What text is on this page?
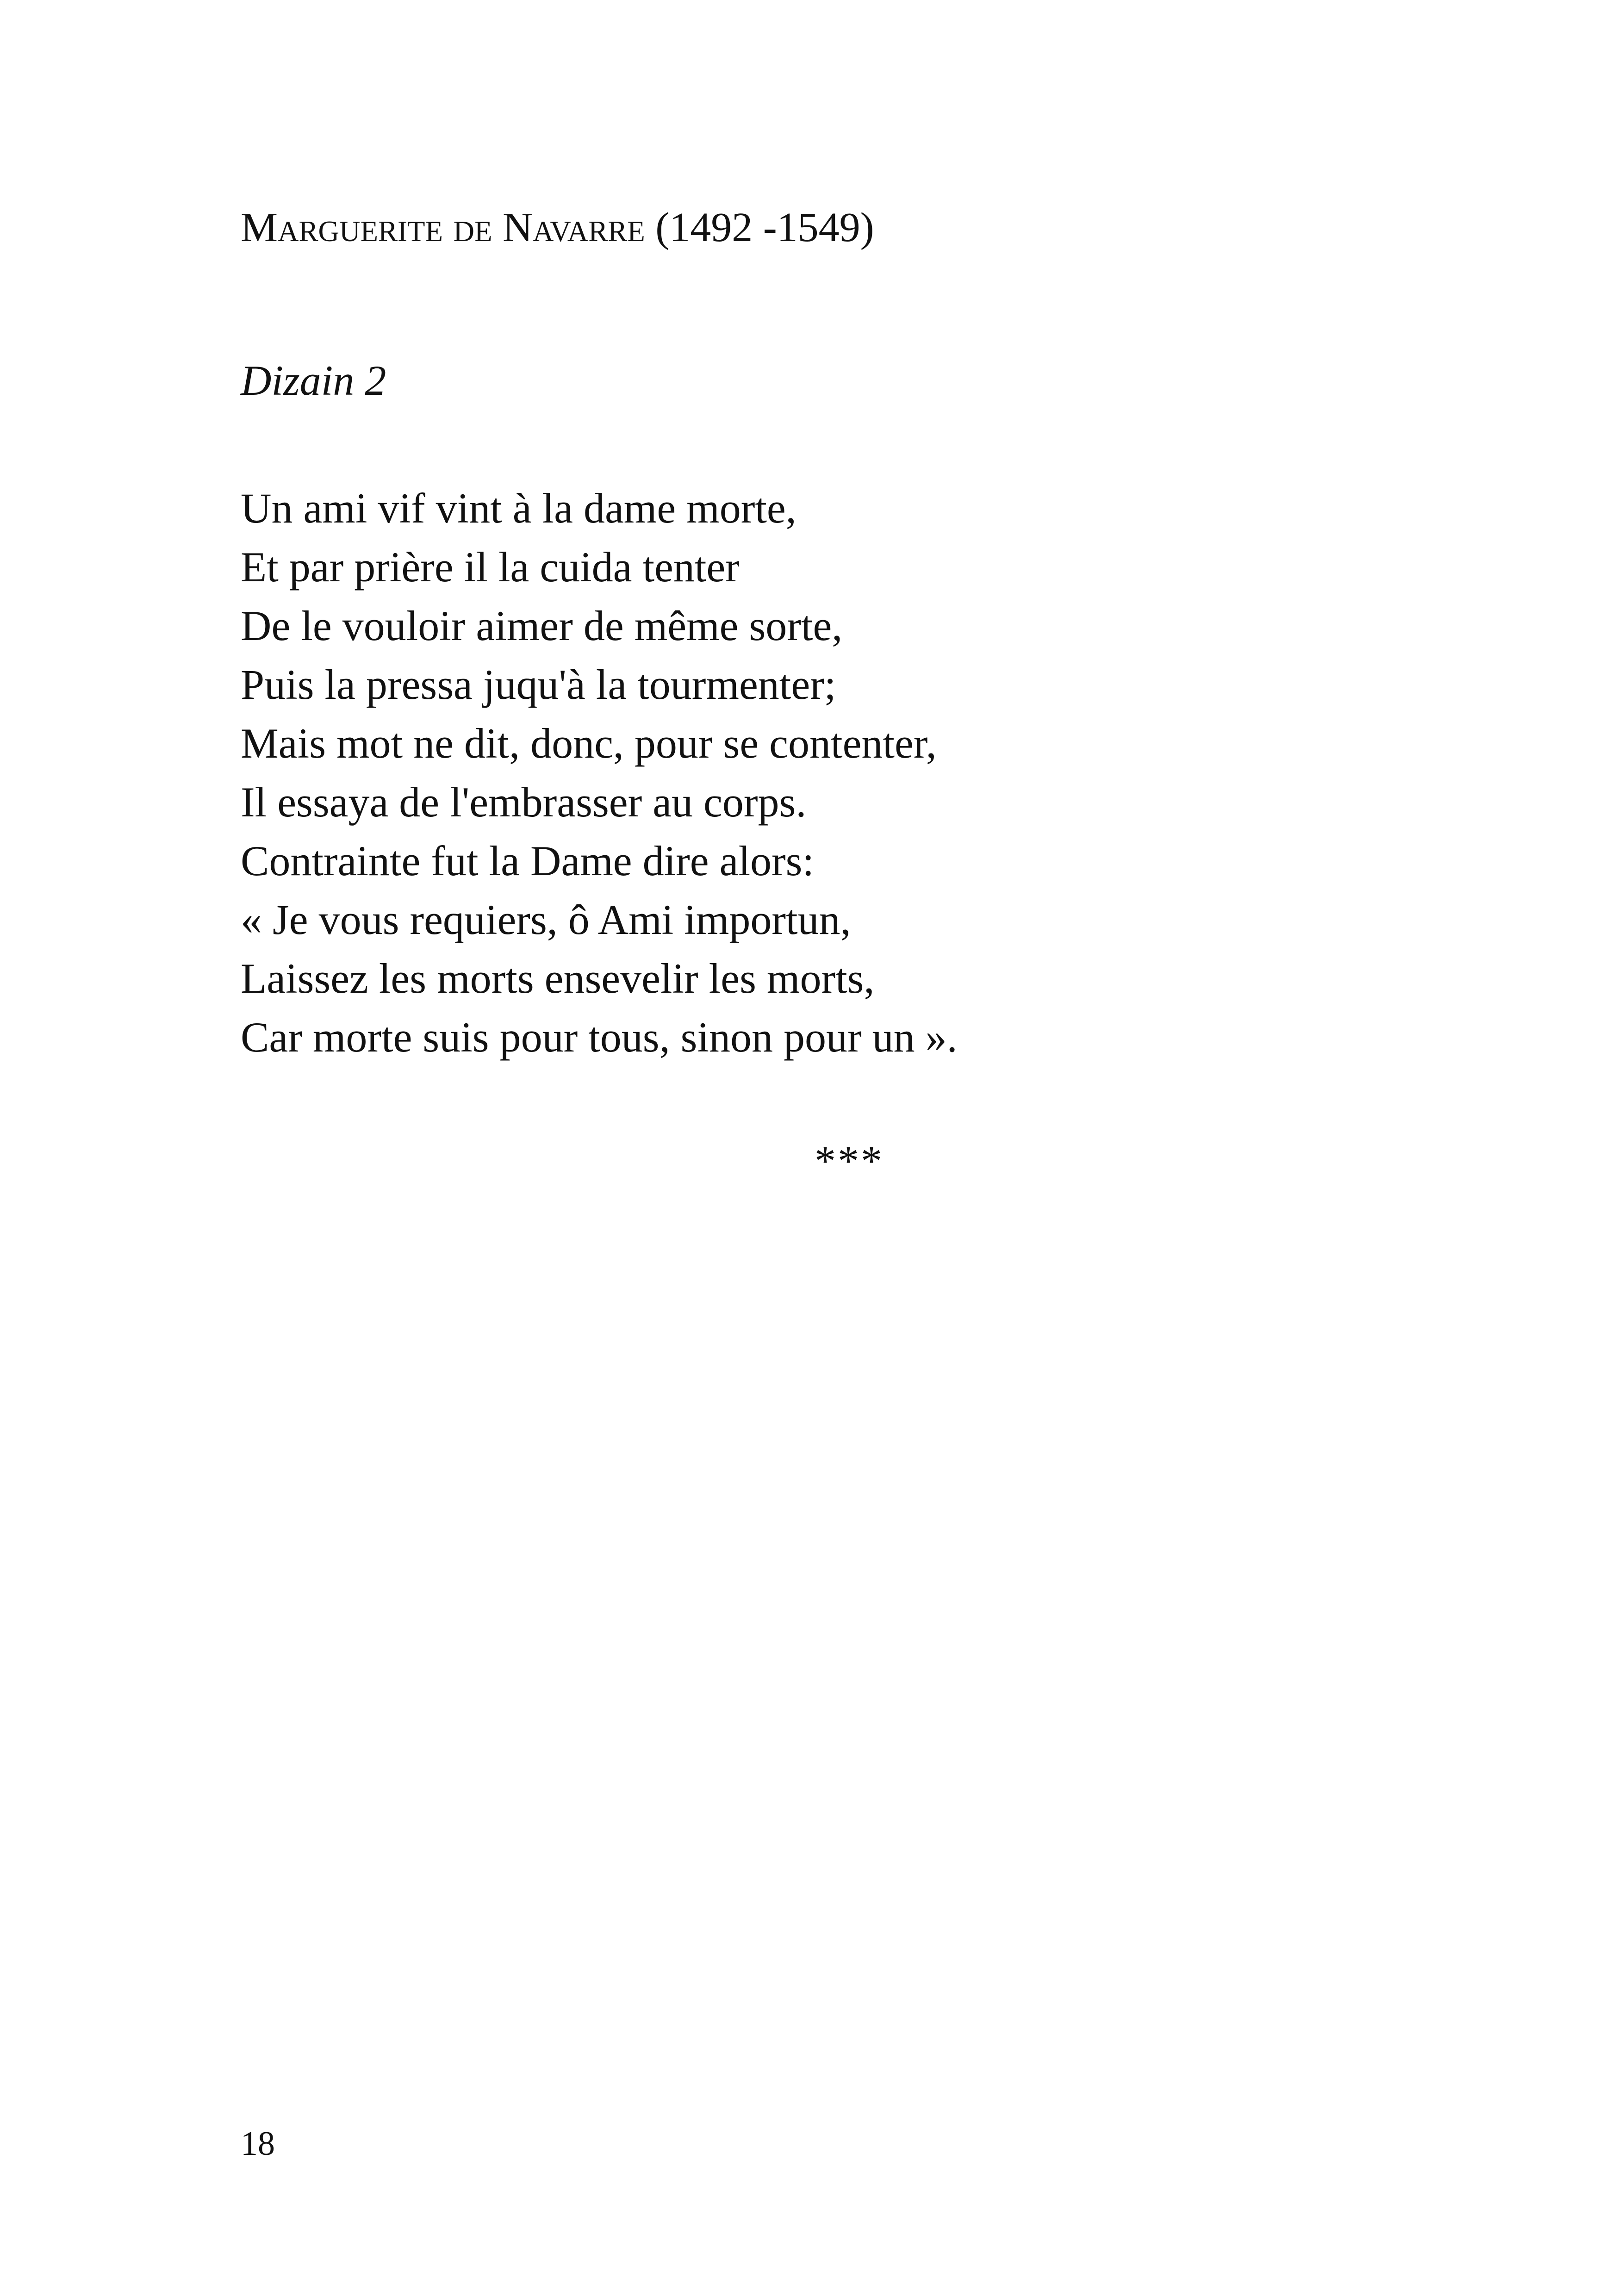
Marguerite de Navarre (1492 -1549)
Dizain 2
Un ami vif vint à la dame morte,
Et par prière il la cuida tenter
De le vouloir aimer de même sorte,
Puis la pressa juqu'à la tourmenter;
Mais mot ne dit, donc, pour se contenter,
Il essaya de l'embrasser au corps.
Contrainte fut la Dame dire alors:
« Je vous requiers, ô Ami importun,
Laissez les morts ensevelir les morts,
Car morte suis pour tous, sinon pour un ».
***
18
